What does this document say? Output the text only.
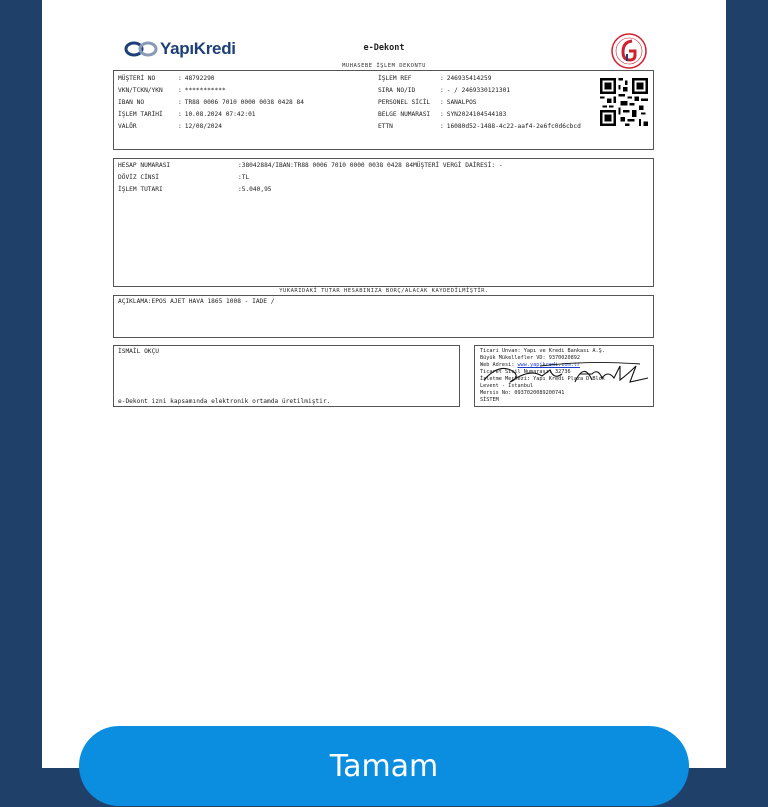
YapıKredi	e-Dekont
MUHASEBE İŞLEM DEKONTU
MÜŞTERİ NO	: 48792290
VKN/TCKN/YKN : ***********
IBAN NO	: TR88 0006 7010 0000 0038 0428 84
İŞLEM TARİHİ : 10.08.2024 07:42:01
VALÖR	: 12/08/2024
İŞLEM REF	: 246935414259
SIRA NO/ID	: - / 2469330121301
PERSONEL SİCİL : SANALPOS
BELGE NUMARASI : SYN2024104544183
ETTN	: 16080d52-1488-4c22-aaf4-2e6fc0d6cbcd
HESAP NUMARASI	:38042884/IBAN:TR88 0006 7010 0000 0038 0428 84MÜŞTERİ VERGİ DAİRESİ: -
DÖVİZ CİNSİ	:TL
İŞLEM TUTARI	:5.040,95
YUKARIDAKİ TUTAR HESABINIZA BORÇ/ALACAK KAYDEDİLMİŞTİR.
AÇIKLAMA:EPOS AJET HAVA 1865 1008 - IADE /
İSMAİL OKÇU
e-Dekont izni kapsamında elektronik ortamda üretilmiştir.
Ticari Unvan: Yapı ve Kredi Bankası A.Ş.
Büyük Mükellefler VD: 9370020892
Web Adresi: www.yapikredi.com.tr
Ticaret Sicil Numarası: 32736
İşletme Merkezi: Yapı Kredi Plaza D Blok
Levent - İstanbul
Mersis No: 0937020089200741
SİSTEM
Tamam
